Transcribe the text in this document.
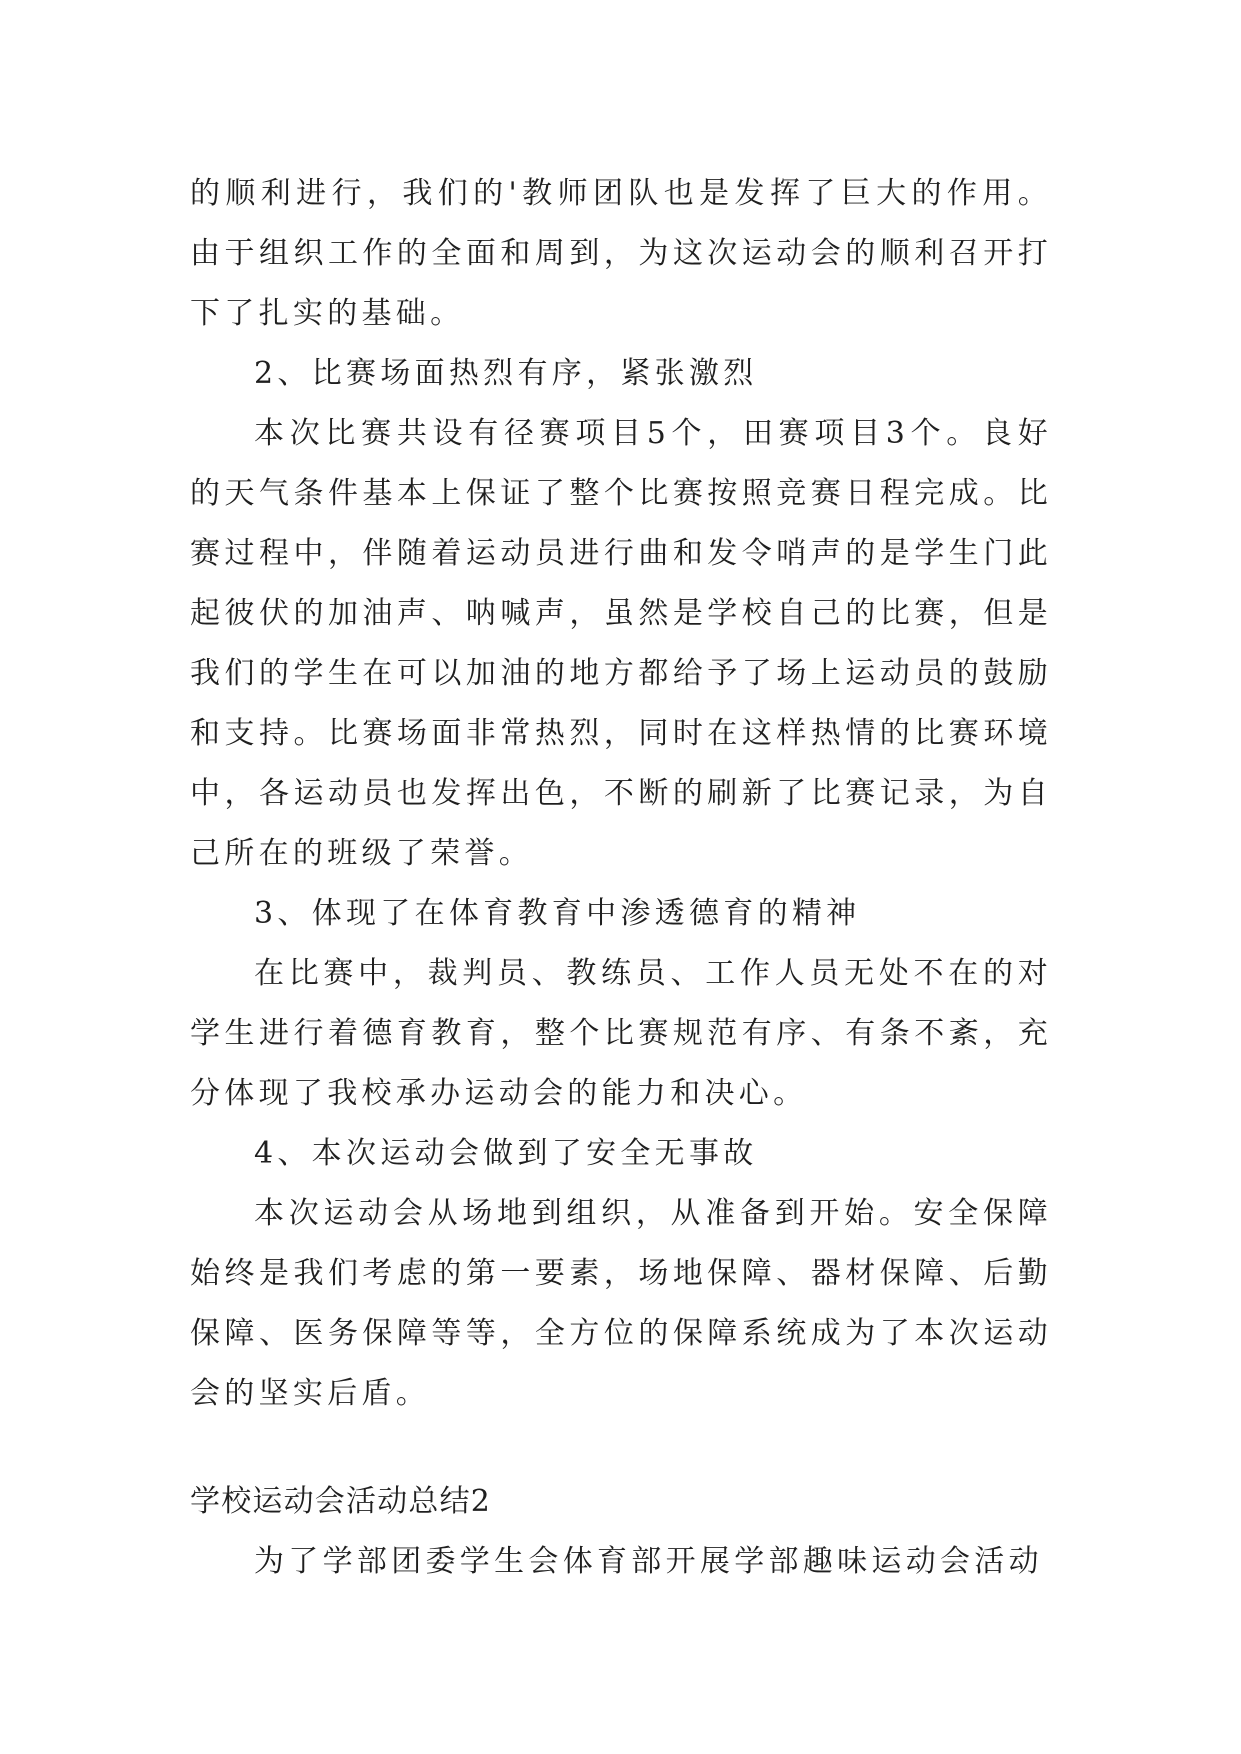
的顺利进行，我们的'教师团队也是发挥了巨大的作用。由于组织工作的全面和周到，为这次运动会的顺利召开打下了扎实的基础。

2、比赛场面热烈有序，紧张激烈

本次比赛共设有径赛项目5个，田赛项目3个。良好的天气条件基本上保证了整个比赛按照竞赛日程完成。比赛过程中，伴随着运动员进行曲和发令哨声的是学生门此起彼伏的加油声、呐喊声，虽然是学校自己的比赛，但是我们的学生在可以加油的地方都给予了场上运动员的鼓励和支持。比赛场面非常热烈，同时在这样热情的比赛环境中，各运动员也发挥出色，不断的刷新了比赛记录，为自己所在的班级了荣誉。

3、体现了在体育教育中渗透德育的精神

在比赛中，裁判员、教练员、工作人员无处不在的对学生进行着德育教育，整个比赛规范有序、有条不紊，充分体现了我校承办运动会的能力和决心。

4、本次运动会做到了安全无事故

本次运动会从场地到组织，从准备到开始。安全保障始终是我们考虑的第一要素，场地保障、器材保障、后勤保障、医务保障等等，全方位的保障系统成为了本次运动会的坚实后盾。

学校运动会活动总结2

为了学部团委学生会体育部开展学部趣味运动会活动
